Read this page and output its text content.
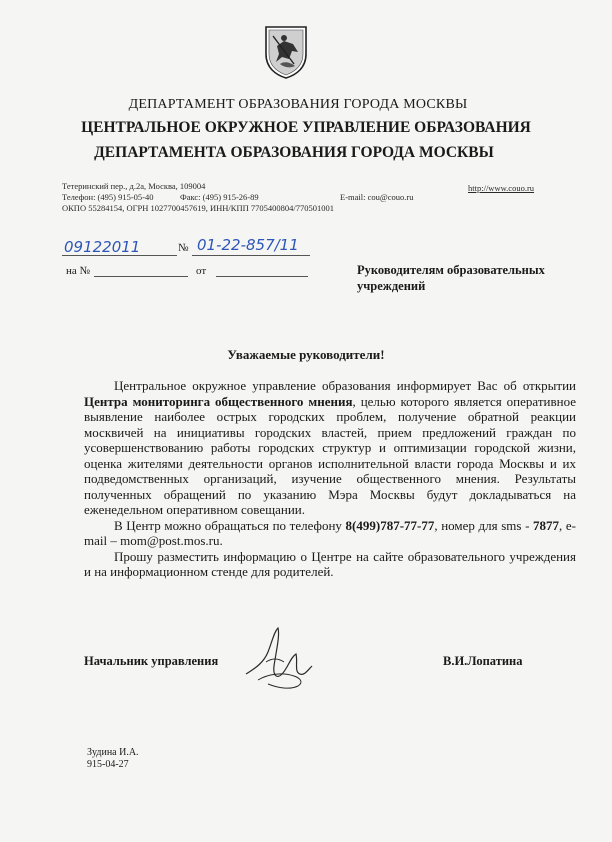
ДЕПАРТАМЕНТ ОБРАЗОВАНИЯ ГОРОДА МОСКВЫ
ЦЕНТРАЛЬНОЕ ОКРУЖНОЕ УПРАВЛЕНИЕ ОБРАЗОВАНИЯ
ДЕПАРТАМЕНТА ОБРАЗОВАНИЯ ГОРОДА МОСКВЫ
Тетеринский пер., д.2а, Москва, 109004
Телефон: (495) 915-05-40	Факс: (495) 915-26-89	E-mail: cou@couo.ru
http://www.couo.ru
ОКПО 55284154, ОГРН 1027700457619, ИНН/КПП 7705400804/770501001
09122011	№ 01-22-857/11
на №	от	Руководителям образовательных
учреждений
Уважаемые руководители!

Центральное окружное управление образования информирует Вас об открытии Центра мониторинга общественного мнения, целью которого является оперативное выявление наиболее острых городских проблем, получение обратной реакции москвичей на инициативы городских властей, прием предложений граждан по усовершенствованию работы городских структур и оптимизации городской жизни, оценка жителями деятельности органов исполнительной власти города Москвы и их подведомственных организаций, изучение общественного мнения. Результаты полученных обращений по указанию Мэра Москвы будут докладываться на еженедельном оперативном совещании.

В Центр можно обращаться по телефону 8(499)787-77-77, номер для sms - 7877, e-mail – mom@post.mos.ru.

Прошу разместить информацию о Центре на сайте образовательного учреждения и на информационном стенде для родителей.

Начальник управления	В.И.Лопатина
Зудина И.А.
915-04-27
